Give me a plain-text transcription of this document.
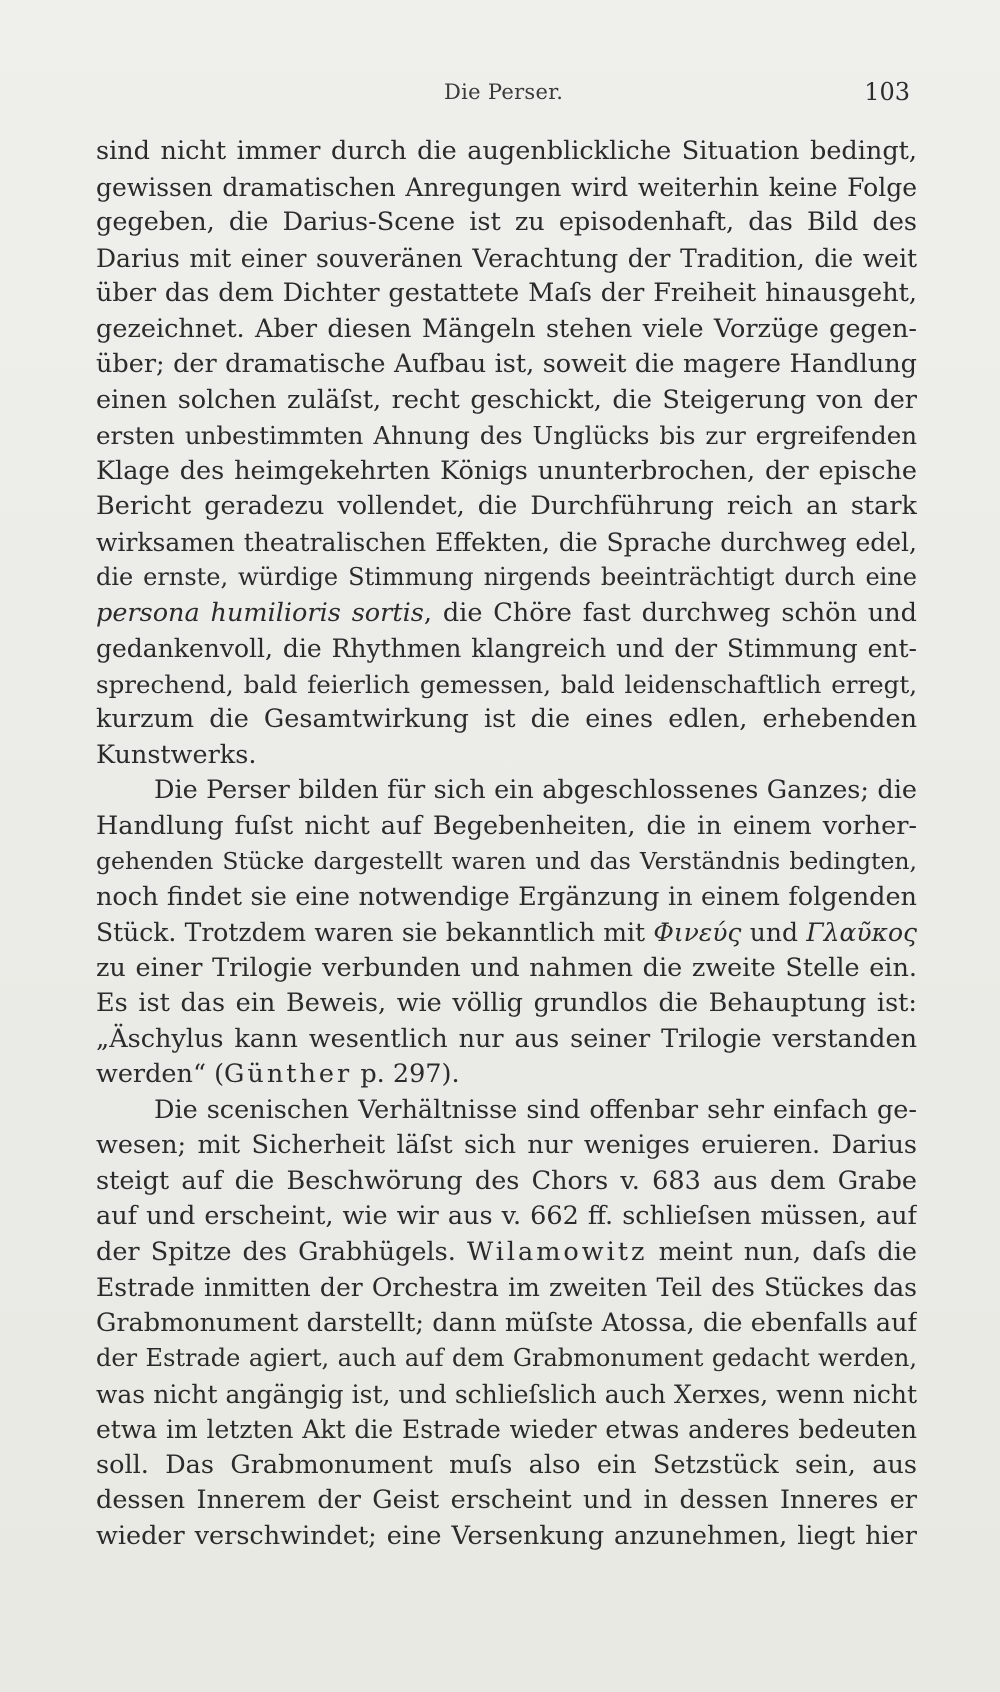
Die Perser.	103
sind nicht immer durch die augenblickliche Situation bedingt,
gewissen dramatischen Anregungen wird weiterhin keine Folge
gegeben, die Darius-Scene ist zu episodenhaft, das Bild des
Darius mit einer souveränen Verachtung der Tradition, die weit
über das dem Dichter gestattete Maſs der Freiheit hinausgeht,
gezeichnet. Aber diesen Mängeln stehen viele Vorzüge gegen-
über; der dramatische Aufbau ist, soweit die magere Handlung
einen solchen zuläſst, recht geschickt, die Steigerung von der
ersten unbestimmten Ahnung des Unglücks bis zur ergreifenden
Klage des heimgekehrten Königs ununterbrochen, der epische
Bericht geradezu vollendet, die Durchführung reich an stark
wirksamen theatralischen Effekten, die Sprache durchweg edel,
die ernste, würdige Stimmung nirgends beeinträchtigt durch eine
persona humilioris sortis, die Chöre fast durchweg schön und
gedankenvoll, die Rhythmen klangreich und der Stimmung ent-
sprechend, bald feierlich gemessen, bald leidenschaftlich erregt,
kurzum die Gesamtwirkung ist die eines edlen, erhebenden
Kunstwerks.
Die Perser bilden für sich ein abgeschlossenes Ganzes; die
Handlung fuſst nicht auf Begebenheiten, die in einem vorher-
gehenden Stücke dargestellt waren und das Verständnis bedingten,
noch findet sie eine notwendige Ergänzung in einem folgenden
Stück. Trotzdem waren sie bekanntlich mit Φινεύς und Γλαῦκος
zu einer Trilogie verbunden und nahmen die zweite Stelle ein.
Es ist das ein Beweis, wie völlig grundlos die Behauptung ist:
„Äschylus kann wesentlich nur aus seiner Trilogie verstanden
werden“ (Günther p. 297).
Die scenischen Verhältnisse sind offenbar sehr einfach ge-
wesen; mit Sicherheit läſst sich nur weniges eruieren. Darius
steigt auf die Beschwörung des Chors v. 683 aus dem Grabe
auf und erscheint, wie wir aus v. 662 ff. schlieſsen müssen, auf
der Spitze des Grabhügels. Wilamowitz meint nun, daſs die
Estrade inmitten der Orchestra im zweiten Teil des Stückes das
Grabmonument darstellt; dann müſste Atossa, die ebenfalls auf
der Estrade agiert, auch auf dem Grabmonument gedacht werden,
was nicht angängig ist, und schlieſslich auch Xerxes, wenn nicht
etwa im letzten Akt die Estrade wieder etwas anderes bedeuten
soll. Das Grabmonument muſs also ein Setzstück sein, aus
dessen Innerem der Geist erscheint und in dessen Inneres er
wieder verschwindet; eine Versenkung anzunehmen, liegt hier
